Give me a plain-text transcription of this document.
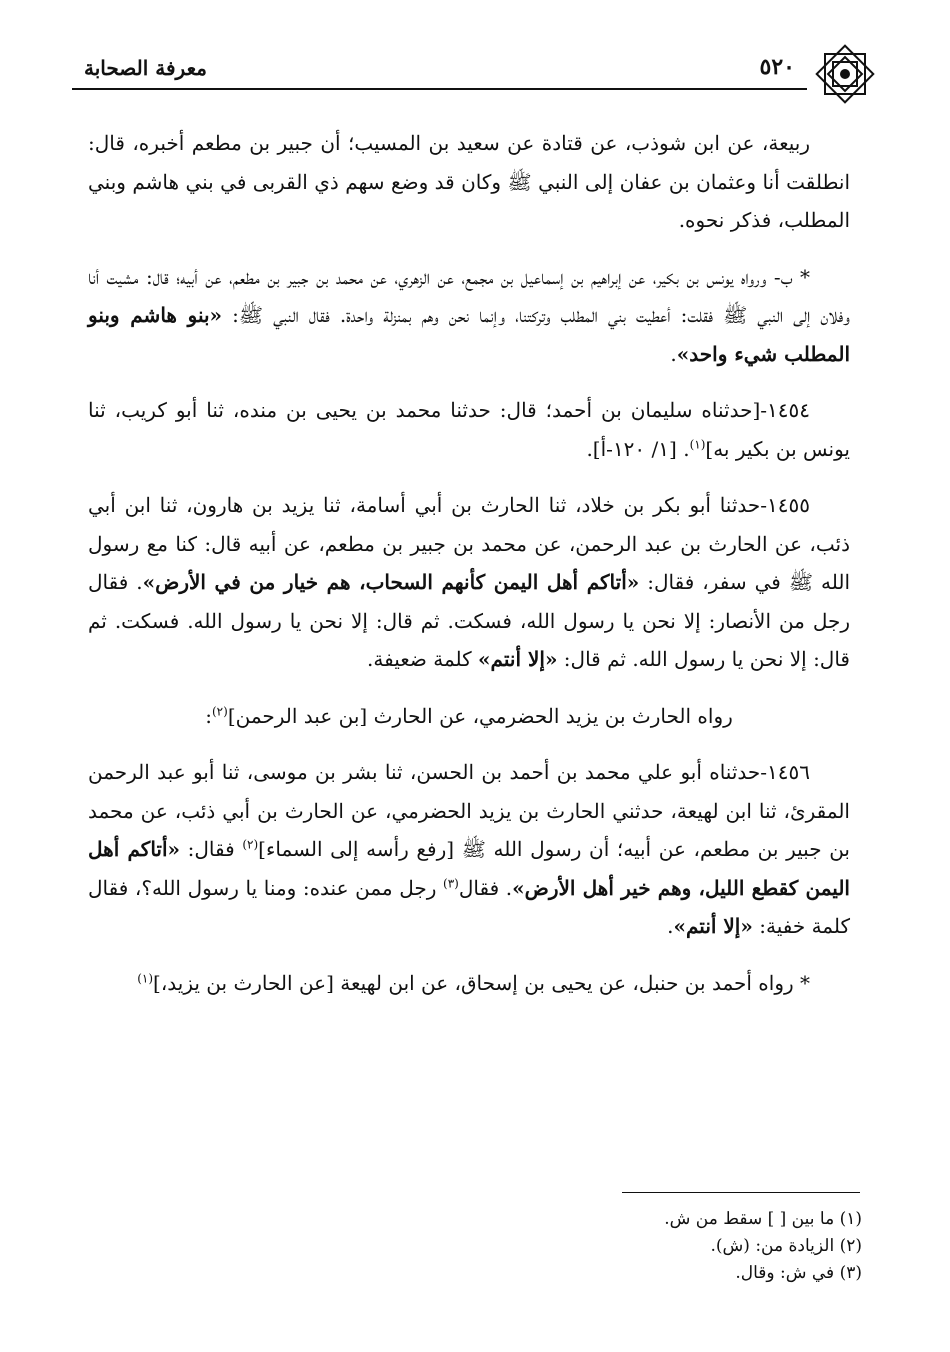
٥٢٠
معرفة الصحابة

ربيعة، عن ابن شوذب، عن قتادة عن سعيد بن المسيب؛ أن جبير بن مطعم أخبره، قال: انطلقت أنا وعثمان بن عفان إلى النبي ﷺ وكان قد وضع سهم ذي القربى في بني هاشم وبني المطلب، فذكر نحوه.

* ب- ورواه يونس بن بكير، عن إبراهيم بن إسماعيل بن مجمع، عن الزهري، عن محمد بن جبير بن مطعم، عن أبيه؛ قال: مشيت أنا وفلان إلى النبي ﷺ فقلت: أعطيت بني المطلب وتركتنا، وإنما نحن وهم بمنزلة واحدة. فقال النبي ﷺ: «بنو هاشم وبنو المطلب شيء واحد».

١٤٥٤-[حدثناه سليمان بن أحمد؛ قال: حدثنا محمد بن يحيى بن منده، ثنا أبو كريب، ثنا يونس بن بكير به]$^{(١)}$. [١/ ١٢٠-أ].

١٤٥٥-حدثنا أبو بكر بن خلاد، ثنا الحارث بن أبي أسامة، ثنا يزيد بن هارون، ثنا ابن أبي ذئب، عن الحارث بن عبد الرحمن، عن محمد بن جبير بن مطعم، عن أبيه قال: كنا مع رسول الله ﷺ في سفر، فقال: «أتاكم أهل اليمن كأنهم السحاب، هم خيار من في الأرض». فقال رجل من الأنصار: إلا نحن يا رسول الله، فسكت. ثم قال: إلا نحن يا رسول الله. فسكت. ثم قال: إلا نحن يا رسول الله. ثم قال: «إلا أنتم» كلمة ضعيفة.

رواه الحارث بن يزيد الحضرمي، عن الحارث [بن عبد الرحمن]$^{(٢)}$:

١٤٥٦-حدثناه أبو علي محمد بن أحمد بن الحسن، ثنا بشر بن موسى، ثنا أبو عبد الرحمن المقرئ، ثنا ابن لهيعة، حدثني الحارث بن يزيد الحضرمي، عن الحارث بن أبي ذئب، عن محمد بن جبير بن مطعم، عن أبيه؛ أن رسول الله ﷺ [رفع رأسه إلى السماء]$^{(٢)}$ فقال: «أتاكم أهل اليمن كقطع الليل، وهم خير أهل الأرض». فقال$^{(٣)}$ رجل ممن عنده: ومنا يا رسول الله؟، فقال كلمة خفية: «إلا أنتم».

* رواه أحمد بن حنبل، عن يحيى بن إسحاق، عن ابن لهيعة [عن الحارث بن يزيد،]$^{(١)}$

(١) ما بين [ ] سقط من ش.
(٢) الزيادة من: (ش).
(٣) في ش: وقال.
